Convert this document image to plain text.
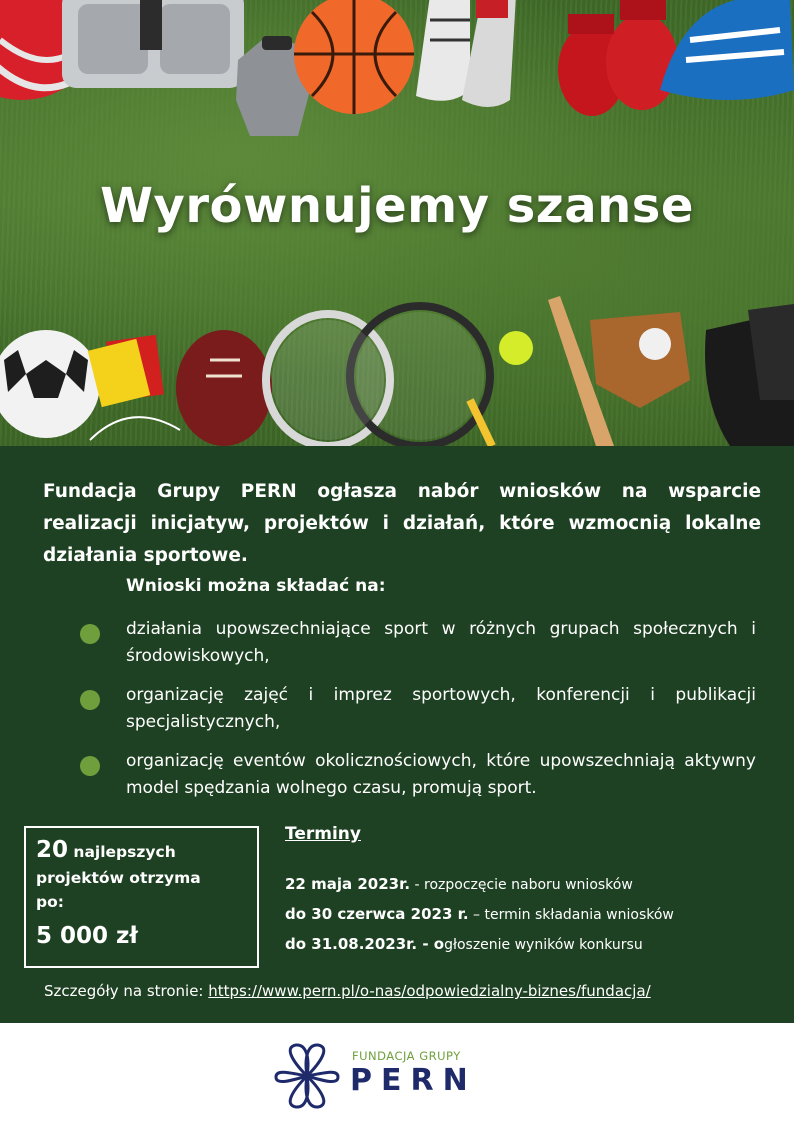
Wyrównujemy szanse

Fundacja Grupy PERN ogłasza nabór wniosków na wsparcie realizacji inicjatyw, projektów i działań, które wzmocnią lokalne działania sportowe.

Wnioski można składać na:

działania upowszechniające sport w różnych grupach społecznych i środowiskowych,
organizację zajęć i imprez sportowych, konferencji i publikacji specjalistycznych,
organizację eventów okolicznościowych, które upowszechniają aktywny model spędzania wolnego czasu, promują sport.
20 najlepszych
projektów otrzyma
po:
5 000 zł

Terminy

22 maja 2023r. - rozpoczęcie naboru wniosków
do 30 czerwca 2023 r. – termin składania wniosków
do 31.08.2023r. - ogłoszenie wyników konkursu

Szczegóły na stronie: https://www.pern.pl/o-nas/odpowiedzialny-biznes/fundacja/

FUNDACJA GRUPY
PERN
